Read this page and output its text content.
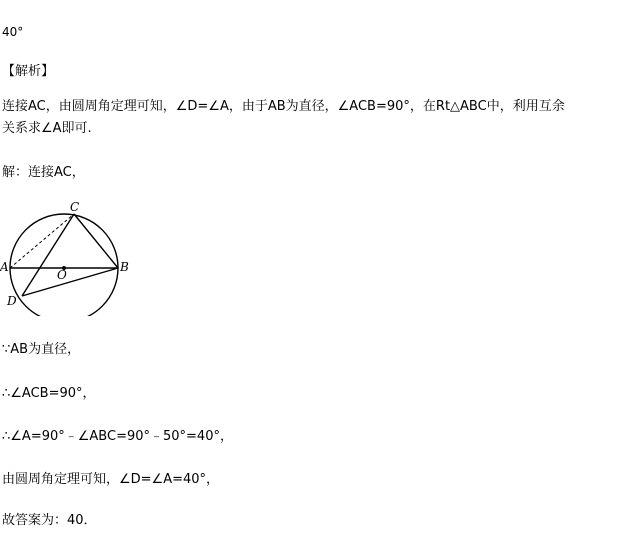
40°
【解析】
连接AC，由圆周角定理可知，∠D=∠A，由于AB为直径，∠ACB=90°，在Rt△ABC中，利用互余
关系求∠A即可.
解：连接AC，
C
A
O
B
D
∵AB为直径，
∴∠ACB=90°，
∴∠A=90°﹣∠ABC=90°﹣50°=40°，
由圆周角定理可知，∠D=∠A=40°，
故答案为：40．
